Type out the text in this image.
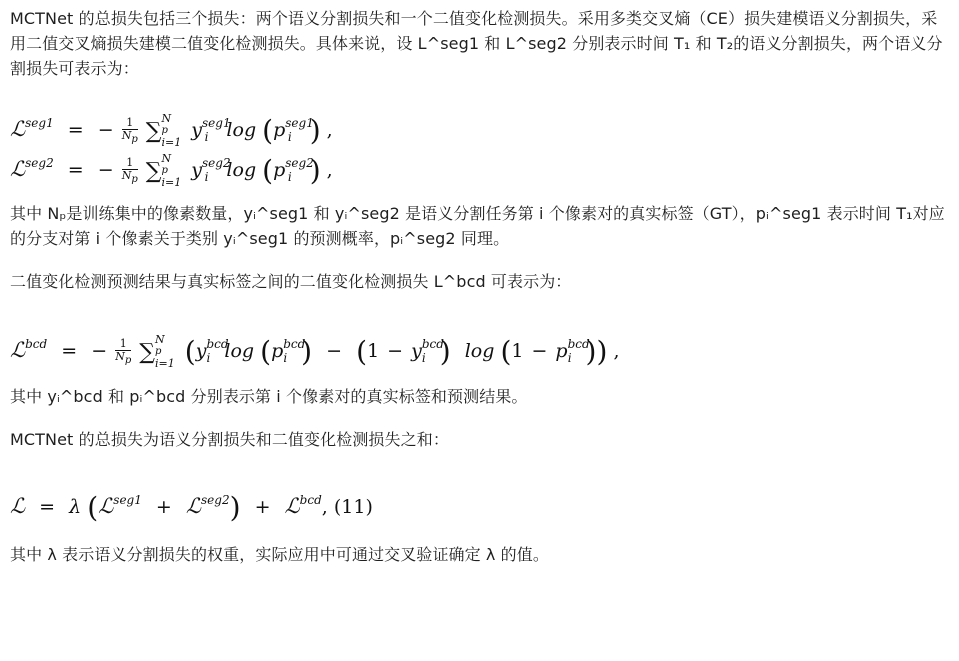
MCTNet 的总损失包括三个损失：两个语义分割损失和一个二值变化检测损失。采用多类交叉熵（CE）损失建模语义分割损失，采用二值交叉熵损失建模二值变化检测损失。具体来说，设 L^seg1 和 L^seg2 分别表示时间 T₁ 和 T₂的语义分割损失，两个语义分割损失可表示为：

ℒ$^{seg1}$ = − $\frac{1}{Np}$ ∑
N
p
i=1
$y^{seg1}_i$ $\log (p^{seg1}_i$ ) ,
ℒ$^{seg2}$ = − $\frac{1}{Np}$ ∑
N
p
i=1
$y^{seg2}_i$ $\log (p^{seg2}_i$ ) ,

其中 Nₚ是训练集中的像素数量，yᵢ^seg1 和 yᵢ^seg2 是语义分割任务第 i 个像素对的真实标签（GT），pᵢ^seg1 表示时间 T₁对应的分支对第 i 个像素关于类别 yᵢ^seg1 的预测概率，pᵢ^seg2 同理。

二值变化检测预测结果与真实标签之间的二值变化检测损失 L^bcd 可表示为：

ℒ$^{bcd}$ = − $\frac{1}{Np}$ ∑
N
p
i=1 ($y^{bcd}_i$ $\log (p^{bcd}_i$ ) − ($1 - y^{bcd}_i$ ) $\log (1 - p^{bcd}_i$ )) ,

其中 yᵢ^bcd 和 pᵢ^bcd 分别表示第 i 个像素对的真实标签和预测结果。

MCTNet 的总损失为语义分割损失和二值变化检测损失之和：

ℒ = λ (ℒ$^{seg1}$ + ℒ$^{seg2}$) + ℒ$^{bcd}$, (11)

其中 λ 表示语义分割损失的权重，实际应用中可通过交叉验证确定 λ 的值。
